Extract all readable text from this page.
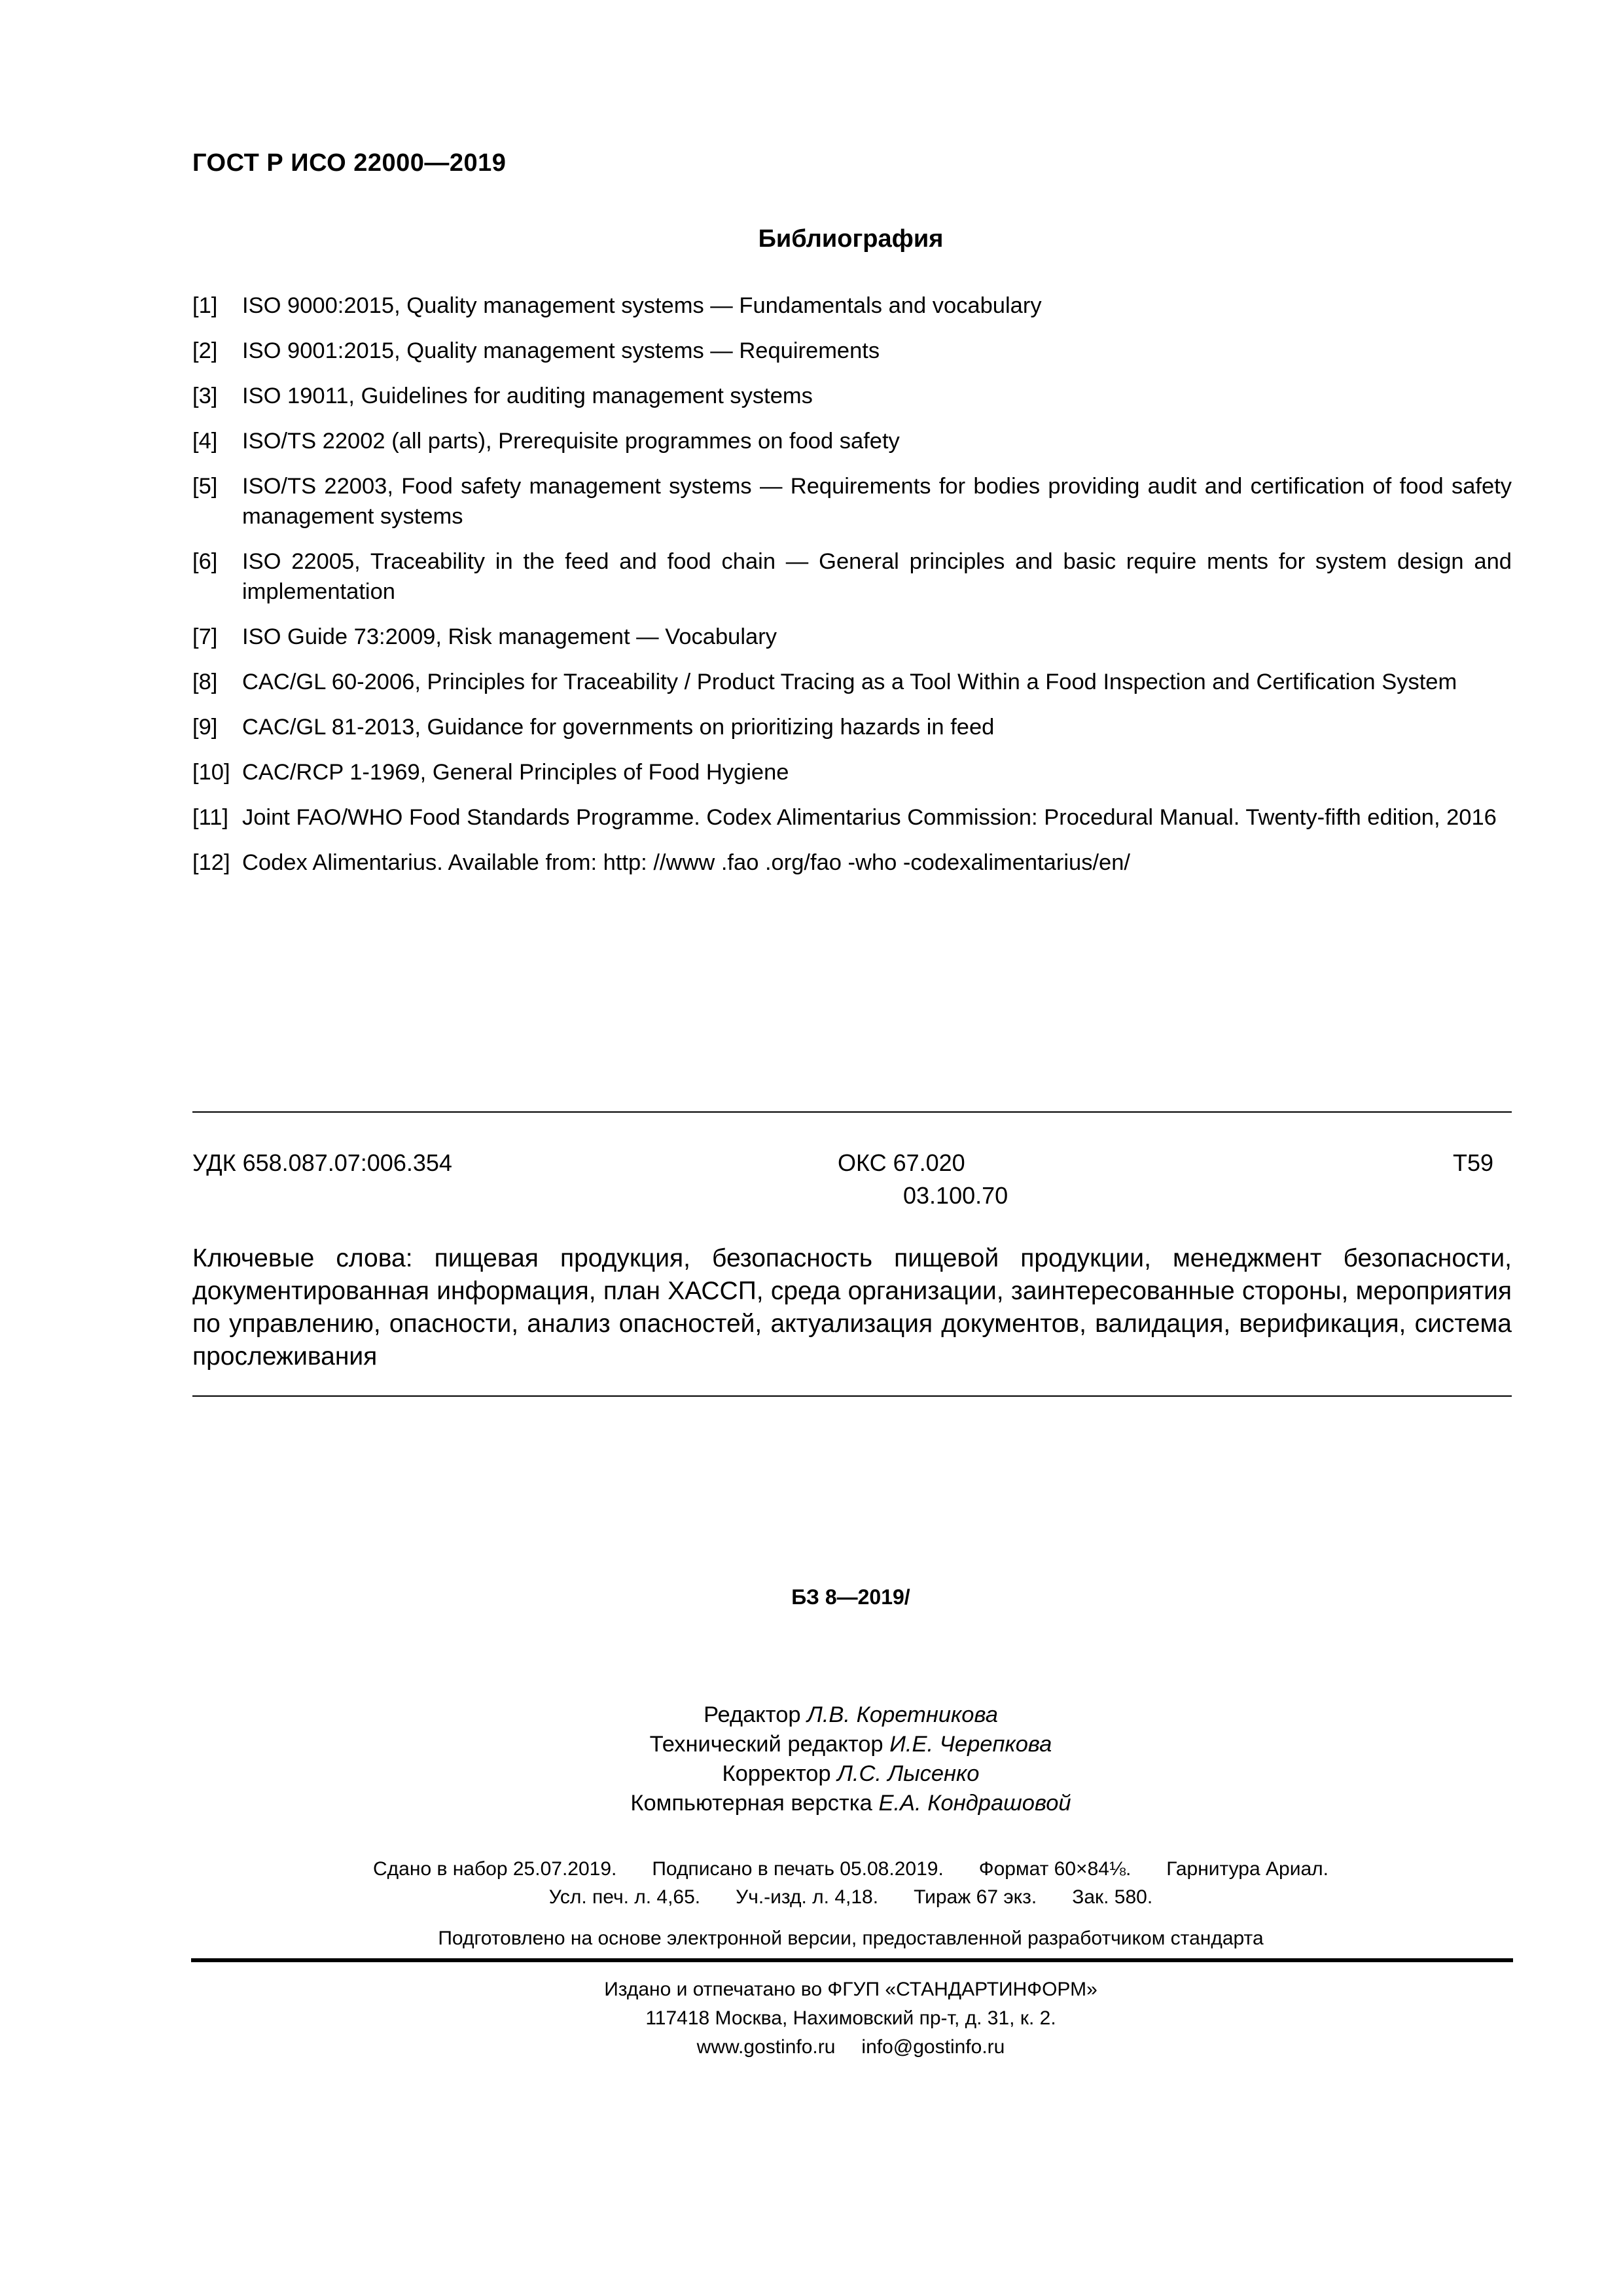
ГОСТ Р ИСО 22000—2019
Библиография
[1] ISO 9000:2015, Quality management systems — Fundamentals and vocabulary
[2] ISO 9001:2015, Quality management systems — Requirements
[3] ISO 19011, Guidelines for auditing management systems
[4] ISO/TS 22002 (all parts), Prerequisite programmes on food safety
[5] ISO/TS 22003, Food safety management systems — Requirements for bodies providing audit and certification of food safety management systems
[6] ISO 22005, Traceability in the feed and food chain — General principles and basic require ments for system design and implementation
[7] ISO Guide 73:2009, Risk management — Vocabulary
[8] CAC/GL 60-2006, Principles for Traceability / Product Tracing as a Tool Within a Food Inspection and Certification System
[9] CAC/GL 81-2013, Guidance for governments on prioritizing hazards in feed
[10] CAC/RCP 1-1969, General Principles of Food Hygiene
[11] Joint FAO/WHO Food Standards Programme. Codex Alimentarius Commission: Procedural Manual. Twenty-fifth edition, 2016
[12] Codex Alimentarius. Available from: http: //www .fao .org/fao -who -codexalimentarius/en/
УДК 658.087.07:006.354	ОКС 67.020
03.100.70
Т59

Ключевые слова: пищевая продукция, безопасность пищевой продукции, менеджмент безопасности, документированная информация, план ХАССП, среда организации, заинтересованные стороны, мероприятия по управлению, опасности, анализ опасностей, актуализация документов, валидация, верификация, система прослеживания

БЗ 8—2019/
Редактор Л.В. Коретникова
Технический редактор И.Е. Черепкова
Корректор Л.С. Лысенко
Компьютерная верстка Е.А. Кондрашовой
Сдано в набор 25.07.2019. Подписано в печать 05.08.2019. Формат 60×84⅛. Гарнитура Ариал.
Усл. печ. л. 4,65. Уч.-изд. л. 4,18. Тираж 67 экз. Зак. 580.
Подготовлено на основе электронной версии, предоставленной разработчиком стандарта
Издано и отпечатано во ФГУП «СТАНДАРТИНФОРМ»
117418 Москва, Нахимовский пр-т, д. 31, к. 2.
www.gostinfo.ru info@gostinfo.ru
